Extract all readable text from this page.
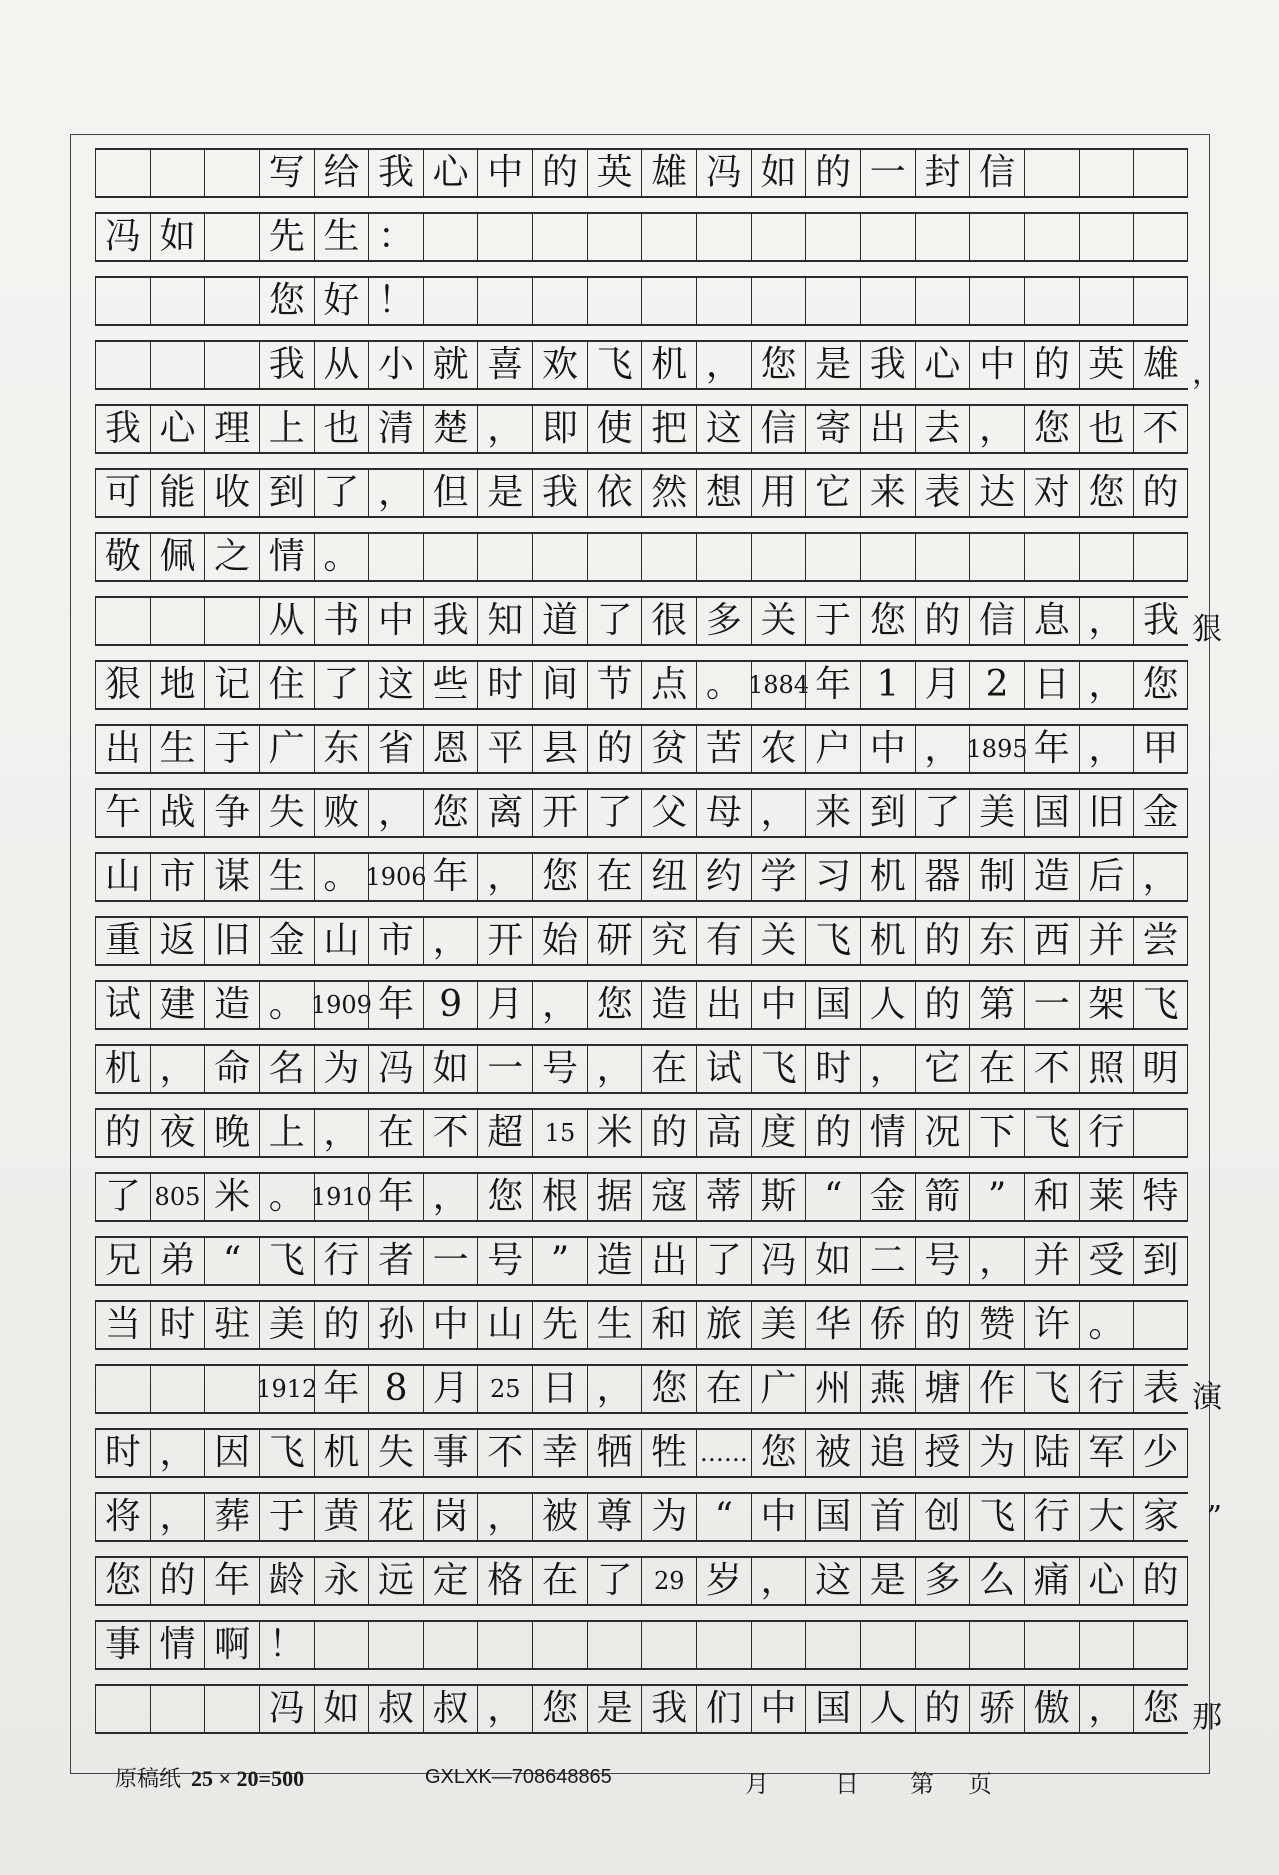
写 给 我 心 中 的 英 雄 冯 如 的 一 封 信
冯 如 先 生 ：
您 好 ！
我 从 小 就 喜 欢 飞 机 ， 您 是 我 心 中 的 英 雄 ，
我 心 理 上 也 清 楚 ， 即 使 把 这 信 寄 出 去 ， 您 也 不
可 能 收 到 了 ， 但 是 我 依 然 想 用 它 来 表 达 对 您 的
敬 佩 之 情 。
从 书 中 我 知 道 了 很 多 关 于 您 的 信 息 ， 我 狠
狠 地 记 住 了 这 些 时 间 节 点 。 1884 年 1 月 2 日 ， 您
出 生 于 广 东 省 恩 平 县 的 贫 苦 农 户 中 ， 1895 年 ， 甲
午 战 争 失 败 ， 您 离 开 了 父 母 ， 来 到 了 美 国 旧 金
山 市 谋 生 。 1906 年 ， 您 在 纽 约 学 习 机 器 制 造 后 ，
重 返 旧 金 山 市 ， 开 始 研 究 有 关 飞 机 的 东 西 并 尝
试 建 造 。 1909 年 9 月 ， 您 造 出 中 国 人 的 第 一 架 飞
机 ， 命 名 为 冯 如 一 号 ， 在 试 飞 时 ， 它 在 不 照 明
的 夜 晚 上 ， 在 不 超 15 米 的 高 度 的 情 况 下 飞 行
了 805 米 。 1910 年 ， 您 根 据 寇 蒂 斯 “ 金 箭 ” 和 莱 特
兄 弟 “ 飞 行 者 一 号 ” 造 出 了 冯 如 二 号 ， 并 受 到
当 时 驻 美 的 孙 中 山 先 生 和 旅 美 华 侨 的 赞 许 。
1912 年 8 月 25 日 ， 您 在 广 州 燕 塘 作 飞 行 表 演
时 ， 因 飞 机 失 事 不 幸 牺 牲 …… 您 被 追 授 为 陆 军 少
将 ， 葬 于 黄 花 岗 ， 被 尊 为 “ 中 国 首 创 飞 行 大 家 ”
您 的 年 龄 永 远 定 格 在 了 29 岁 ， 这 是 多 么 痛 心 的
事 情 啊 ！
冯 如 叔 叔 ， 您 是 我 们 中 国 人 的 骄 傲 ， 您 那
原稿纸 25 × 20=500	GXLXK—708648865	月	日 第 页
